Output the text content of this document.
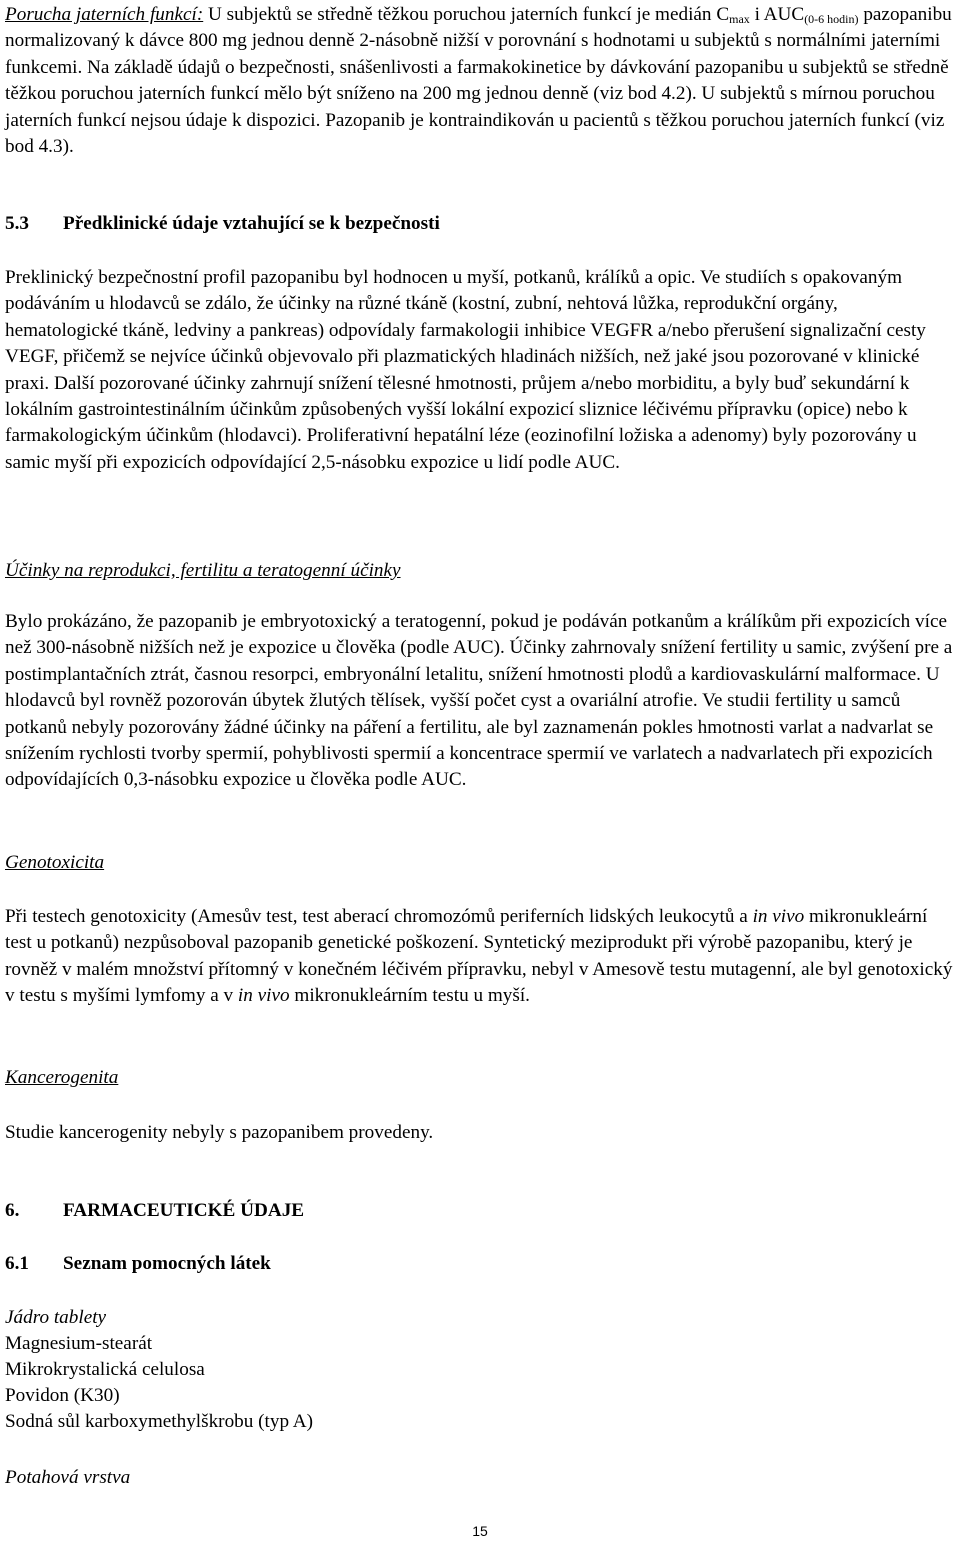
Porucha jaterních funkcí: U subjektů se středně těžkou poruchou jaterních funkcí je medián $C_{max}$ i $AUC_{(0-6 hodin)}$ pazopanibu normalizovaný k dávce 800 mg jednou denně 2-násobně nižší v porovnání s hodnotami u subjektů s normálními jaterními funkcemi. Na základě údajů o bezpečnosti, snášenlivosti a farmakokinetice by dávkování pazopanibu u subjektů se středně těžkou poruchou jaterních funkcí mělo být sníženo na 200 mg jednou denně (viz bod 4.2). U subjektů s mírnou poruchou jaterních funkcí nejsou údaje k dispozici. Pazopanib je kontraindikován u pacientů s těžkou poruchou jaterních funkcí (viz bod 4.3).

5.3 Předklinické údaje vztahující se k bezpečnosti

Preklinický bezpečnostní profil pazopanibu byl hodnocen u myší, potkanů, králíků a opic. Ve studiích s opakovaným podáváním u hlodavců se zdálo, že účinky na různé tkáně (kostní, zubní, nehtová lůžka, reprodukční orgány, hematologické tkáně, ledviny a pankreas) odpovídaly farmakologii inhibice VEGFR a/nebo přerušení signalizační cesty VEGF, přičemž se nejvíce účinků objevovalo při plazmatických hladinách nižších, než jaké jsou pozorované v klinické praxi. Další pozorované účinky zahrnují snížení tělesné hmotnosti, průjem a/nebo morbiditu, a byly buď sekundární k lokálním gastrointestinálním účinkům způsobených vyšší lokální expozicí sliznice léčivému přípravku (opice) nebo k farmakologickým účinkům (hlodavci). Proliferativní hepatální léze (eozinofilní ložiska a adenomy) byly pozorovány u samic myší při expozicích odpovídající 2,5-násobku expozice u lidí podle AUC.

Účinky na reprodukci, fertilitu a teratogenní účinky

Bylo prokázáno, že pazopanib je embryotoxický a teratogenní, pokud je podáván potkanům a králíkům při expozicích více než 300-násobně nižších než je expozice u člověka (podle AUC). Účinky zahrnovaly snížení fertility u samic, zvýšení pre a postimplantačních ztrát, časnou resorpci, embryonální letalitu, snížení hmotnosti plodů a kardiovaskulární malformace. U hlodavců byl rovněž pozorován úbytek žlutých tělísek, vyšší počet cyst a ovariální atrofie. Ve studii fertility u samců potkanů nebyly pozorovány žádné účinky na páření a fertilitu, ale byl zaznamenán pokles hmotnosti varlat a nadvarlat se snížením rychlosti tvorby spermií, pohyblivosti spermií a koncentrace spermií ve varlatech a nadvarlatech při expozicích odpovídajících 0,3-násobku expozice u člověka podle AUC.

Genotoxicita

Při testech genotoxicity (Amesův test, test aberací chromozómů periferních lidských leukocytů a in vivo mikronukleární test u potkanů) nezpůsoboval pazopanib genetické poškození. Syntetický meziprodukt při výrobě pazopanibu, který je rovněž v malém množství přítomný v konečném léčivém přípravku, nebyl v Amesově testu mutagenní, ale byl genotoxický v testu s myšími lymfomy a v in vivo mikronukleárním testu u myší.

Kancerogenita

Studie kancerogenity nebyly s pazopanibem provedeny.

6. FARMACEUTICKÉ ÚDAJE

6.1 Seznam pomocných látek

Jádro tablety

Magnesium-stearát

Mikrokrystalická celulosa

Povidon (K30)

Sodná sůl karboxymethylškrobu (typ A)

Potahová vrstva

15
